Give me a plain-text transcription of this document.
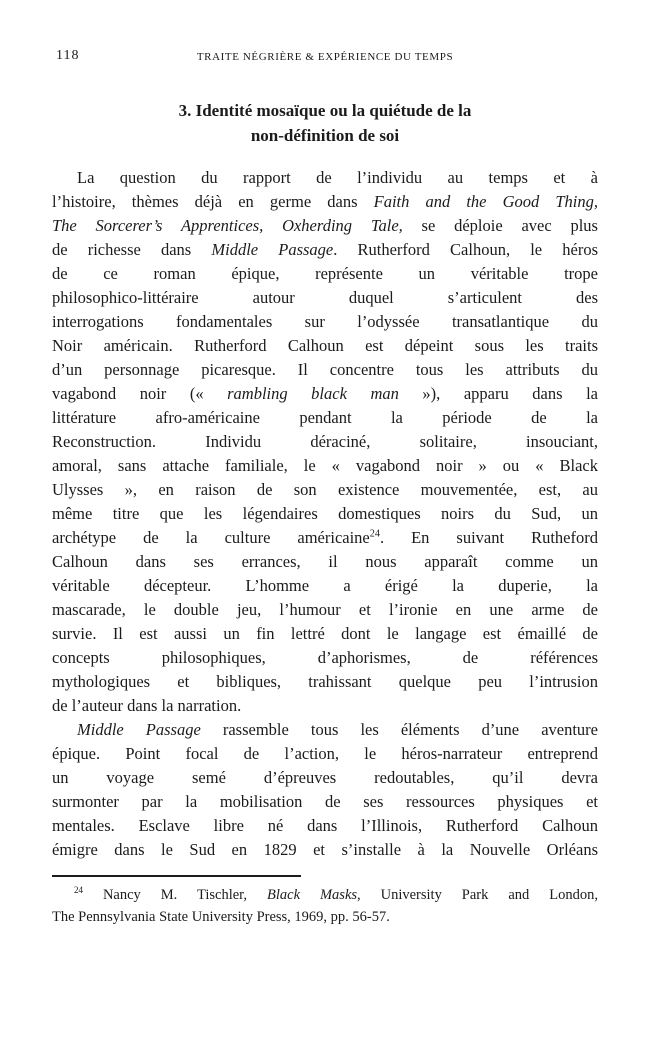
118	TRAITE NÉGRIÈRE & EXPÉRIENCE DU TEMPS
3. Identité mosaïque ou la quiétude de la
non-définition de soi
La question du rapport de l’individu au temps et à
l’histoire, thèmes déjà en germe dans Faith and the Good Thing,
The Sorcerer’s Apprentices, Oxherding Tale, se déploie avec plus
de richesse dans Middle Passage. Rutherford Calhoun, le héros
de ce roman épique, représente un véritable trope
philosophico-littéraire autour duquel s’articulent des
interrogations fondamentales sur l’odyssée transatlantique du
Noir américain. Rutherford Calhoun est dépeint sous les traits
d’un personnage picaresque. Il concentre tous les attributs du
vagabond noir (« rambling black man »), apparu dans la
littérature afro-américaine pendant la période de la
Reconstruction. Individu déraciné, solitaire, insouciant,
amoral, sans attache familiale, le « vagabond noir » ou « Black
Ulysses », en raison de son existence mouvementée, est, au
même titre que les légendaires domestiques noirs du Sud, un
archétype de la culture américaine$^{24}$. En suivant Rutheford
Calhoun dans ses errances, il nous apparaît comme un
véritable décepteur. L’homme a érigé la duperie, la
mascarade, le double jeu, l’humour et l’ironie en une arme de
survie. Il est aussi un fin lettré dont le langage est émaillé de
concepts philosophiques, d’aphorismes, de références
mythologiques et bibliques, trahissant quelque peu l’intrusion
de l’auteur dans la narration.
Middle Passage rassemble tous les éléments d’une aventure
épique. Point focal de l’action, le héros-narrateur entreprend
un voyage semé d’épreuves redoutables, qu’il devra
surmonter par la mobilisation de ses ressources physiques et
mentales. Esclave libre né dans l’Illinois, Rutherford Calhoun
émigre dans le Sud en 1829 et s’installe à la Nouvelle Orléans
$^{24}$ Nancy M. Tischler, Black Masks, University Park and London,
The Pennsylvania State University Press, 1969, pp. 56-57.
